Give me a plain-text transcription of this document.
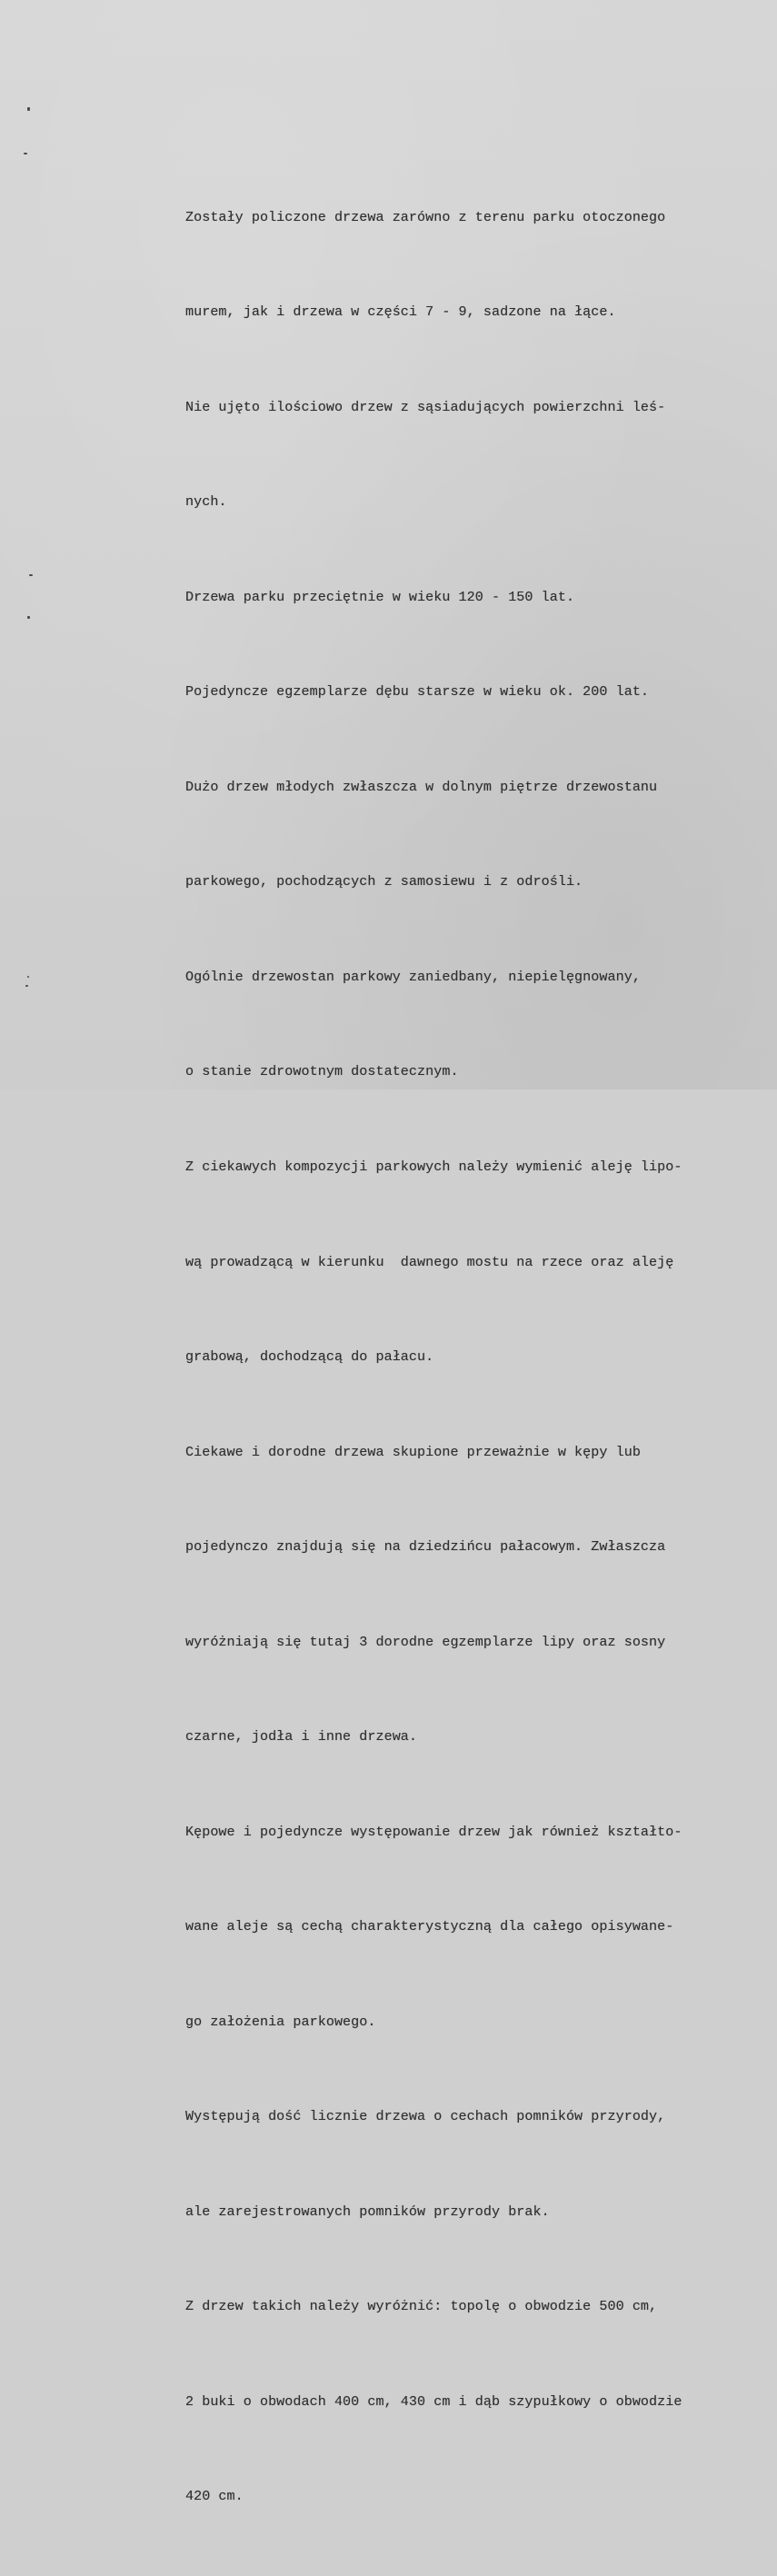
Zostały policzone drzewa zarówno z terenu parku otoczonego

murem, jak i drzewa w części 7 - 9, sadzone na łące.

Nie ujęto ilościowo drzew z sąsiadujących powierzchni leś-

nych.

Drzewa parku przeciętnie w wieku 120 - 150 lat.

Pojedyncze egzemplarze dębu starsze w wieku ok. 200 lat.

Dużo drzew młodych zwłaszcza w dolnym piętrze drzewostanu

parkowego, pochodzących z samosiewu i z odrośli.

Ogólnie drzewostan parkowy zaniedbany, niepielęgnowany,

o stanie zdrowotnym dostatecznym.

Z ciekawych kompozycji parkowych należy wymienić aleję lipo-

wą prowadzącą w kierunku  dawnego mostu na rzece oraz aleję

grabową, dochodzącą do pałacu.

Ciekawe i dorodne drzewa skupione przeważnie w kępy lub

pojedynczo znajdują się na dziedzińcu pałacowym. Zwłaszcza

wyróżniają się tutaj 3 dorodne egzemplarze lipy oraz sosny

czarne, jodła i inne drzewa.

Kępowe i pojedyncze występowanie drzew jak również kształto-

wane aleje są cechą charakterystyczną dla całego opisywane-

go założenia parkowego.

Występują dość licznie drzewa o cechach pomników przyrody,

ale zarejestrowanych pomników przyrody brak.

Z drzew takich należy wyróżnić: topolę o obwodzie 500 cm,

2 buki o obwodach 400 cm, 430 cm i dąb szypułkowy o obwodzie

420 cm.
